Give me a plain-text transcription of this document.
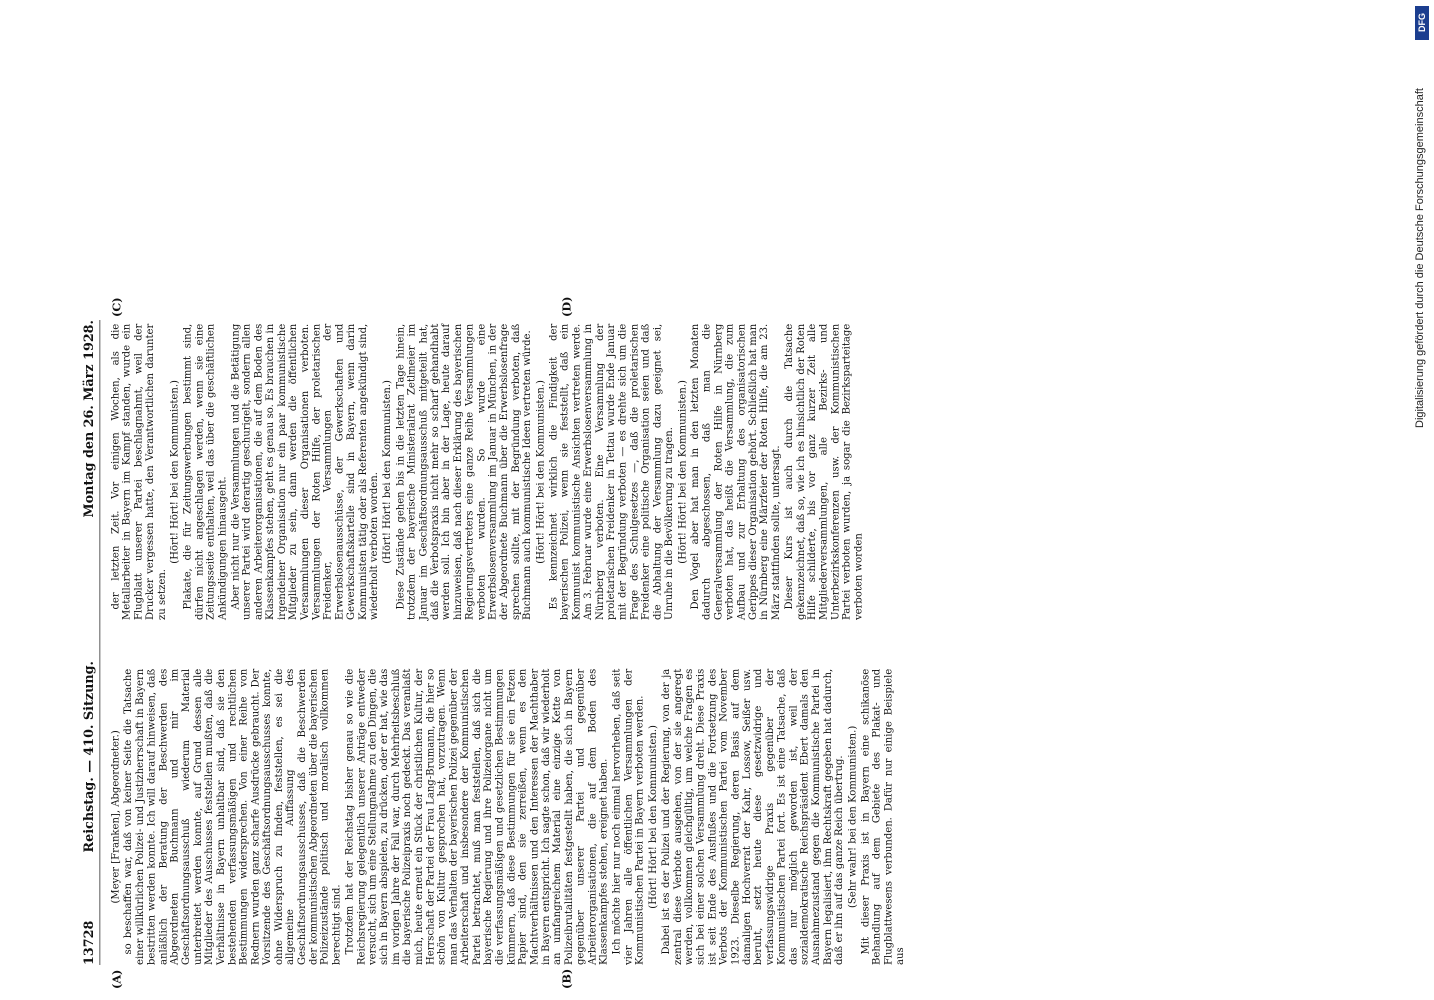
13728
Reichstag. — 410. Sitzung.
Montag den 26. März 1928.
(A)	(B)
(C)	(D)

(Meyer [Franken], Abgeordneter.) so beschaffen war, daß von keiner Seite die Tatsache einer willkürlichen Polizei- und Justizherrschaft in Bayern bestritten werden konnte. Ich will darauf hinweisen, daß anläßlich der Beratung der Beschwerden des Abgeordneten Buchmann und mir im Geschäftsordnungsausschuß wiederum Material unterbreitet werden konnte, auf Grund dessen alle Mitglieder des Ausschusses feststellen mußten, daß die Verhältnisse in Bayern unhaltbar sind, daß sie den bestehenden verfassungsmäßigen und rechtlichen Bestimmungen widersprechen. Von einer Reihe von Rednern wurden ganz scharfe Ausdrücke gebraucht. Der Vorsitzende des Geschäftsordnungsausschusses konnte, ohne Widerspruch zu finden, feststellen, es sei die allgemeine Auffassung des Geschäftsordnungsausschusses, daß die Beschwerden der kommunistischen Abgeordneten über die bayerischen Polizeizustände politisch und moralisch vollkommen berechtigt sind. Trotzdem hat der Reichstag bisher genau so wie die Reichsregierung gelegentlich unserer Anträge entweder versucht, sich um eine Stellungnahme zu den Dingen, die sich in Bayern abspielen, zu drücken, oder er hat, wie das im vorigen Jahre der Fall war, durch Mehrheitsbeschluß die bayerische Polizeipraxis noch gedeckt. Das veranlaßt mich, heute erneut ein Stück der christlichen Kultur, der Herrschaft der Partei der Frau Lang-Brumann, die hier so schön von Kultur gesprochen hat, vorzutragen. Wenn man das Verhalten der bayerischen Polizei gegenüber der Arbeiterschaft und insbesondere der Kommunistischen Partei betrachtet, muß man feststellen, daß sich die bayerische Regierung und ihre Polizeiorgane nicht um die verfassungsmäßigen und gesetzlichen Bestimmungen kümmern, daß diese Bestimmungen für sie ein Fetzen Papier sind, den sie zerreißen, wenn es den Machtverhältnissen und den Interessen der Machthaber in Bayern entspricht. Ich sagte schon, daß wir wiederholt an umfangreichem Material eine einzige Kette von Polizeibrutalitäten festgestellt haben, die sich in Bayern gegenüber unserer Partei und gegenüber Arbeiterorganisationen, die auf dem Boden des Klassenkampfes stehen, ereignet haben. Ich möchte hier nur noch einmal hervorheben, daß seit vier Jahren alle öffentlichen Versammlungen der Kommunistischen Partei in Bayern verboten werden. (Hört! Hört! bei den Kommunisten.) Dabei ist es der Polizei und der Regierung, von der ja zentral diese Verbote ausgehen, von der sie angeregt werden, vollkommen gleichgültig, um welche Fragen es sich bei einer solchen Versammlung dreht. Diese Praxis ist seit Ende des Ausflußes und die Fortsetzung des Verbots der Kommunistischen Partei vom November 1923. Dieselbe Regierung, deren Basis auf dem damaligen Hochverrat der Kahr, Lossow, Seißer usw. beruht, setzt heute diese gesetzwidrige und verfassungswidrige Praxis gegenüber der Kommunistischen Partei fort. Es ist eine Tatsache, daß das nur möglich geworden ist, weil der sozialdemokratische Reichspräsident Ebert damals den Ausnahmezustand gegen die Kommunistische Partei in Bayern legalisiert, ihm Rechtskraft gegeben hat dadurch, daß er ihn auf das ganze Reich übertrug. (Sehr wahr! bei den Kommunisten.) Mit dieser Praxis ist in Bayern eine schikanöse Behandlung auf dem Gebiete des Plakat- und Flugblattwesens verbunden. Dafür nur einige Beispiele aus

der letzten Zeit. Vor einigen Wochen, als die Metallarbeiter in Bayern im Kampf standen, wurde ein Flugblatt unserer Partei beschlagnahmt, weil der Drucker vergessen hatte, den Verantwortlichen darunter zu setzen.

(Hört! Hört! bei den Kommunisten.) Plakate, die für Zeitungswerbungen bestimmt sind, dürfen nicht angeschlagen werden, wenn sie eine Zeitungsseite enthalten, weil das über die geschäftlichen Ankündigungen hinausgeht. Aber nicht nur die Versammlungen und die Betätigung unserer Partei wird derartig geschurigelt, sondern allen anderen Arbeiterorganisationen, die auf dem Boden des Klassenkampfes stehen, geht es genau so. Es brauchen in irgendeiner Organisation nur ein paar kommunistische Mitglieder zu sein, dann werden die öffentlichen Versammlungen dieser Organisationen verboten. Versammlungen der Roten Hilfe, der proletarischen Freidenker, Versammlungen der Erwerbslosenausschüsse, der Gewerkschaften und Gewerkschaftskartelle sind in Bayern, wenn darin Kommunisten tätig oder als Referenten angekündigt sind, wiederholt verboten worden. (Hört! Hört! bei den Kommunisten.) Diese Zustände gehen bis in die letzten Tage hinein, trotzdem der bayerische Ministerialrat Zetlmeier im Januar im Geschäftsordnungsausschuß mitgeteilt hat, daß die Verbotspraxis nicht mehr so scharf gehandhabt werden soll. Ich bin aber in der Lage, heute darauf hinzuweisen, daß nach dieser Erklärung des bayerischen Regierungsvertreters eine ganze Reihe Versammlungen verboten wurden. So wurde eine Erwerbslosenversammlung im Januar in München, in der der Abgeordnete Buchmann über die Erwerbslosenfrage sprechen sollte, mit der Begründung verboten, daß Buchmann auch kommunistische Ideen vertreten würde. (Hört! Hört! bei den Kommunisten.) Es kennzeichnet wirklich die Findigkeit der bayerischen Polizei, wenn sie feststellt, daß ein Kommunist kommunistische Ansichten vertreten werde. Am 3. Februar wurde eine Erwerbslosenversammlung in Nürnberg verboten. Eine Versammlung der proletarischen Freidenker in Tettau wurde Ende Januar mit der Begründung verboten — es drehte sich um die Frage des Schulgesetzes —, daß die proletarischen Freidenker eine politische Organisation seien und daß die Abhaltung der Versammlung dazu geeignet sei, Unruhe in die Bevölkerung zu tragen. (Hört! Hört! bei den Kommunisten.) Den Vogel aber hat man in den letzten Monaten dadurch abgeschossen, daß man die Generalversammlung der Roten Hilfe in Nürnberg verboten hat, das heißt die Versammlung, die zum Aufbau und zur Erhaltung des organisatorischen Gerippes dieser Organisation gehört. Schließlich hat man in Nürnberg eine Märzfeier der Roten Hilfe, die am 23. März stattfinden sollte, untersagt. Dieser Kurs ist auch durch die Tatsache gekennzeichnet, daß so, wie ich es hinsichtlich der Roten Hilfe schilderte, bis vor ganz kurzer Zeit alle Mitgliederversammlungen, alle Bezirks- und Unterbezirkskonferenzen usw. der Kommunistischen Partei verboten wurden, ja sogar die Bezirksparteitage verboten worden

DFG
Digitalisierung gefördert durch die Deutsche Forschungsgemeinschaft
